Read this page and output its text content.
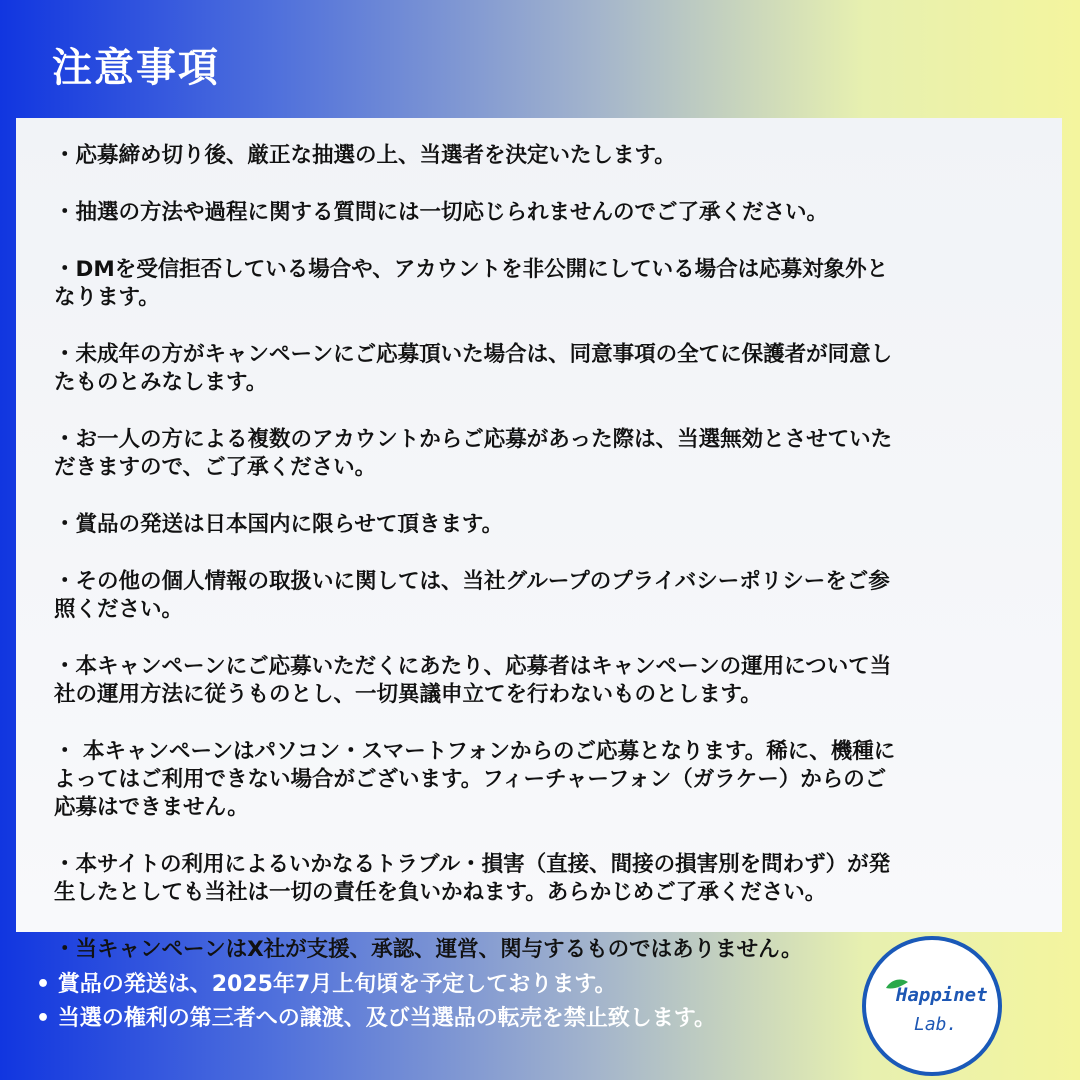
注意事項
・応募締め切り後、厳正な抽選の上、当選者を決定いたします。
・抽選の方法や過程に関する質問には一切応じられませんのでご了承ください。
・DMを受信拒否している場合や、アカウントを非公開にしている場合は応募対象外と
なります。
・未成年の方がキャンペーンにご応募頂いた場合は、同意事項の全てに保護者が同意し
たものとみなします。
・お一人の方による複数のアカウントからご応募があった際は、当選無効とさせていた
だきますので、ご了承ください。
・賞品の発送は日本国内に限らせて頂きます。
・その他の個人情報の取扱いに関しては、当社グループのプライバシーポリシーをご参
照ください。
・本キャンペーンにご応募いただくにあたり、応募者はキャンペーンの運用について当
社の運用方法に従うものとし、一切異議申立てを行わないものとします。
・ 本キャンペーンはパソコン・スマートフォンからのご応募となります。稀に、機種に
よってはご利用できない場合がございます。フィーチャーフォン（ガラケー）からのご
応募はできません。
・本サイトの利用によるいかなるトラブル・損害（直接、間接の損害別を問わず）が発
生したとしても当社は一切の責任を負いかねます。あらかじめご了承ください。
・当キャンペーンはX社が支援、承認、運営、関与するものではありません。
• 賞品の発送は、2025年7月上旬頃を予定しております。
• 当選の権利の第三者への譲渡、及び当選品の転売を禁止致します。
Happinet
Lab.
